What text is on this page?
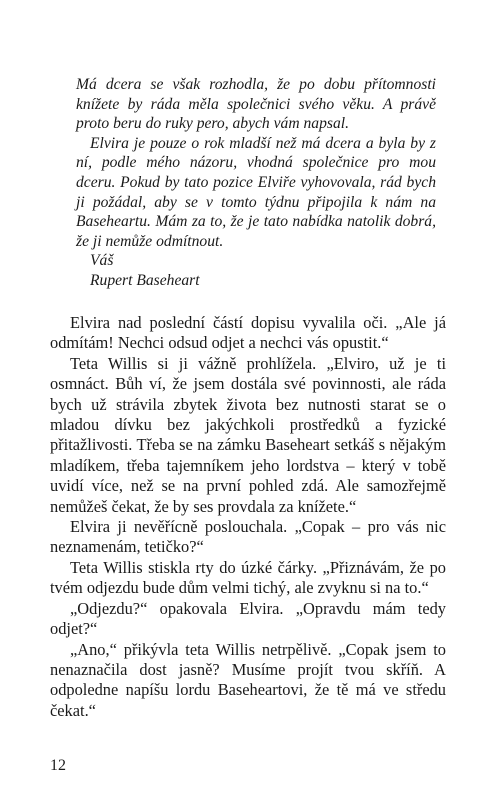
Má dcera se však rozhodla, že po dobu přítomnosti knížete by ráda měla společnici svého věku. A právě proto beru do ruky pero, abych vám napsal.

Elvira je pouze o rok mladší než má dcera a byla by z ní, podle mého názoru, vhodná společnice pro mou dceru. Pokud by tato pozice Elviře vyhovovala, rád bych ji požádal, aby se v tomto týdnu připojila k nám na Baseheartu. Mám za to, že je tato nabídka natolik dobrá, že ji nemůže odmítnout.

Váš
Rupert Baseheart

Elvira nad poslední částí dopisu vyvalila oči. „Ale já odmítám! Nechci odsud odjet a nechci vás opustit.“

Teta Willis si ji vážně prohlížela. „Elviro, už je ti osmnáct. Bůh ví, že jsem dostála své povinnosti, ale ráda bych už strávila zbytek života bez nutnosti starat se o mladou dívku bez jakýchkoli prostředků a fyzické přitažlivosti. Třeba se na zámku Baseheart setkáš s nějakým mladíkem, třeba tajemníkem jeho lordstva – který v tobě uvidí více, než se na první pohled zdá. Ale samozřejmě nemůžeš čekat, že by ses provdala za knížete.“

Elvira ji nevěřícně poslouchala. „Copak – pro vás nic neznamenám, tetičko?“

Teta Willis stiskla rty do úzké čárky. „Přiznávám, že po tvém odjezdu bude dům velmi tichý, ale zvyknu si na to.“

„Odjezdu?“ opakovala Elvira. „Opravdu mám tedy odjet?“

„Ano,“ přikývla teta Willis netrpělivě. „Copak jsem to nenaznačila dost jasně? Musíme projít tvou skříň. A odpoledne napíšu lordu Baseheartovi, že tě má ve středu čekat.“

12
